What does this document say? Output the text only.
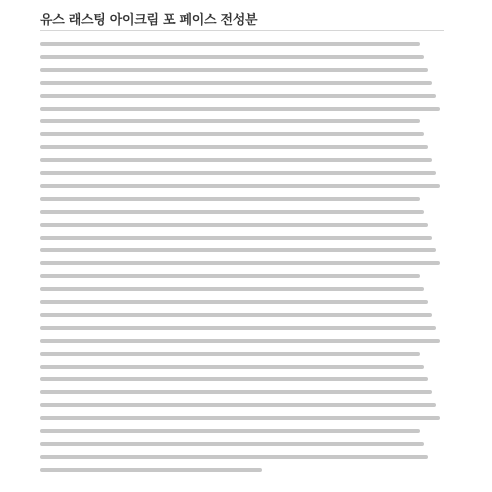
유스 래스팅 아이크림 포 페이스 전성분
